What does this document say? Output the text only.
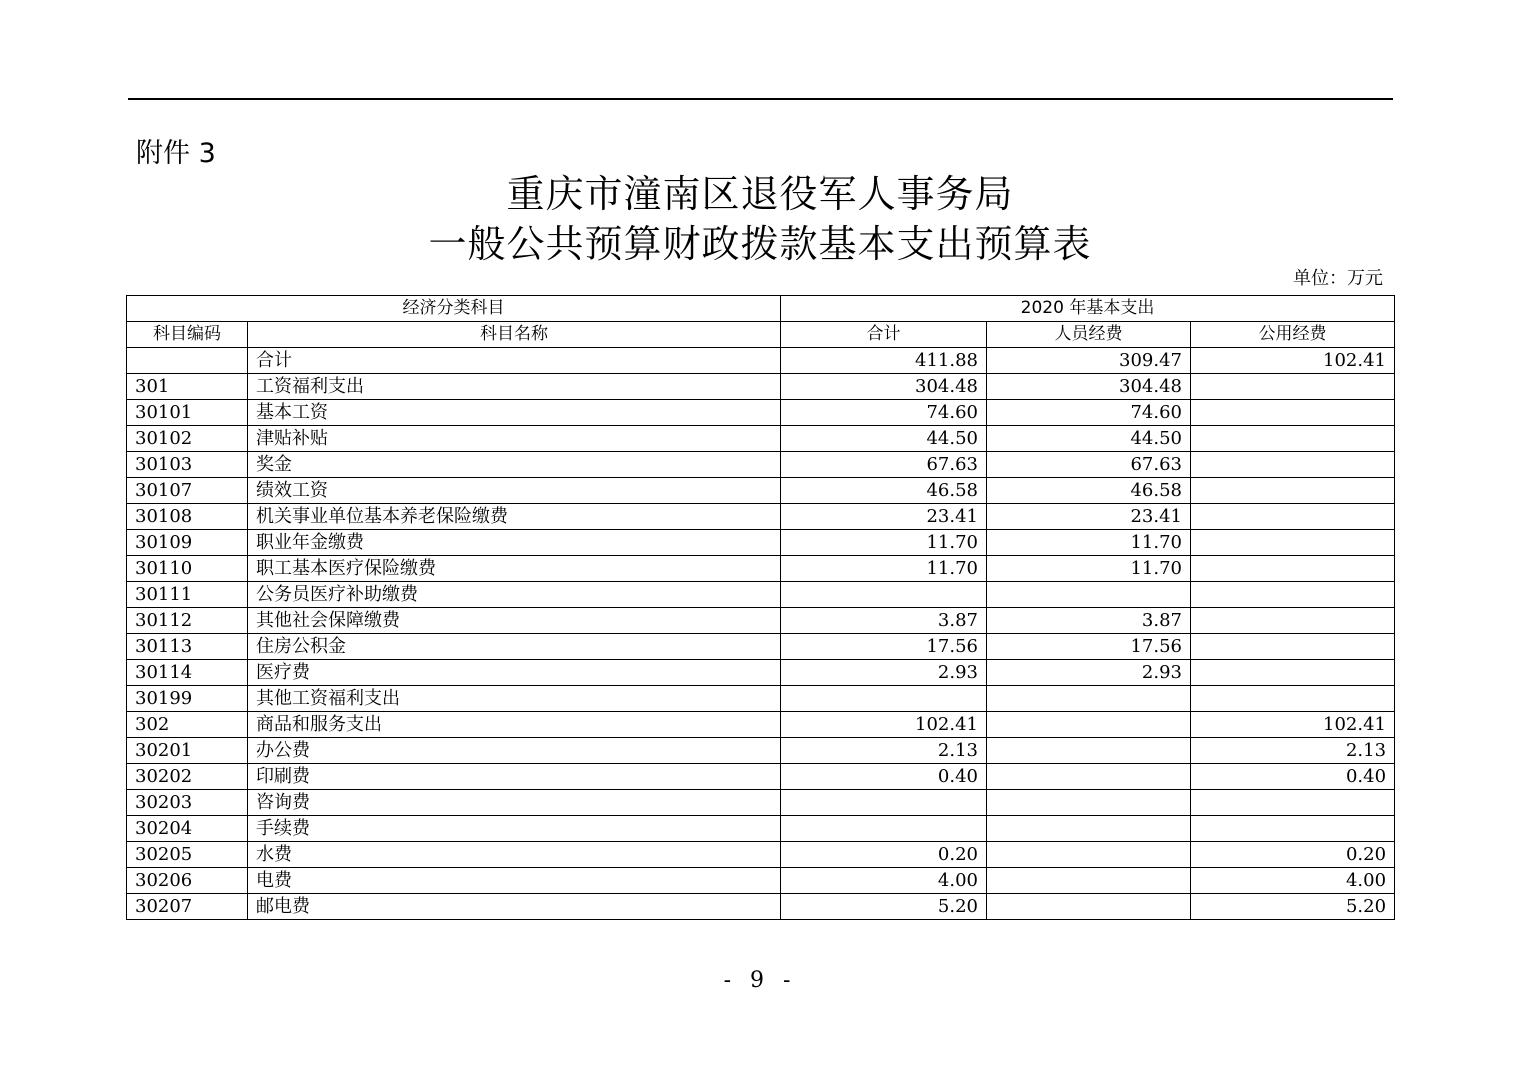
附件 3
重庆市潼南区退役军人事务局
一般公共预算财政拨款基本支出预算表
单位：万元
经济分类科目		2020 年基本支出		
科目编码	科目名称	合计	人员经费	公用经费
	合计	411.88	309.47	102.41
301	工资福利支出	304.48	304.48	
30101	基本工资	74.60	74.60	
30102	津贴补贴	44.50	44.50	
30103	奖金	67.63	67.63	
30107	绩效工资	46.58	46.58	
30108	机关事业单位基本养老保险缴费	23.41	23.41	
30109	职业年金缴费	11.70	11.70	
30110	职工基本医疗保险缴费	11.70	11.70	
30111	公务员医疗补助缴费			
30112	其他社会保障缴费	3.87	3.87	
30113	住房公积金	17.56	17.56	
30114	医疗费	2.93	2.93	
30199	其他工资福利支出			
302	商品和服务支出	102.41		102.41
30201	办公费	2.13		2.13
30202	印刷费	0.40		0.40
30203	咨询费			
30204	手续费			
30205	水费	0.20		0.20
30206	电费	4.00		4.00
30207	邮电费	5.20		5.20
- 9 -
